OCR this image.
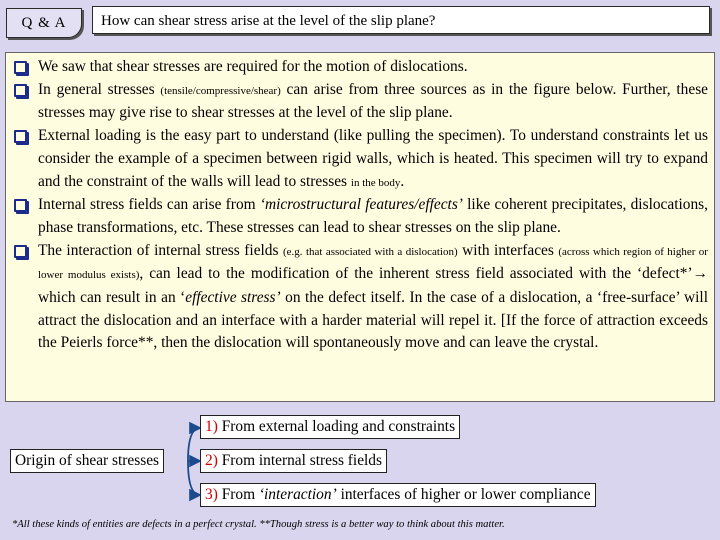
Q & A	How can shear stress arise at the level of the slip plane?
We saw that shear stresses are required for the motion of dislocations.
In general stresses (tensile/compressive/shear) can arise from three sources as in the figure below. Further, these stresses may give rise to shear stresses at the level of the slip plane.
External loading is the easy part to understand (like pulling the specimen). To understand constraints let us consider the example of a specimen between rigid walls, which is heated. This specimen will try to expand and the constraint of the walls will lead to stresses in the body.
Internal stress fields can arise from ‘microstructural features/effects’ like coherent precipitates, dislocations, phase transformations, etc. These stresses can lead to shear stresses on the slip plane.
The interaction of internal stress fields (e.g. that associated with a dislocation) with interfaces (across which region of higher or lower modulus exists), can lead to the modification of the inherent stress field associated with the ‘defect*’→ which can result in an ‘effective stress’ on the defect itself. In the case of a dislocation, a ‘free-surface’ will attract the dislocation and an interface with a harder material will repel it. [If the force of attraction exceeds the Peierls force**, then the dislocation will spontaneously move and can leave the crystal.
1) From external loading and constraints
Origin of shear stresses	2) From internal stress fields
3) From ‘interaction’ interfaces of higher or lower compliance
*All these kinds of entities are defects in a perfect crystal. **Though stress is a better way to think about this matter.
